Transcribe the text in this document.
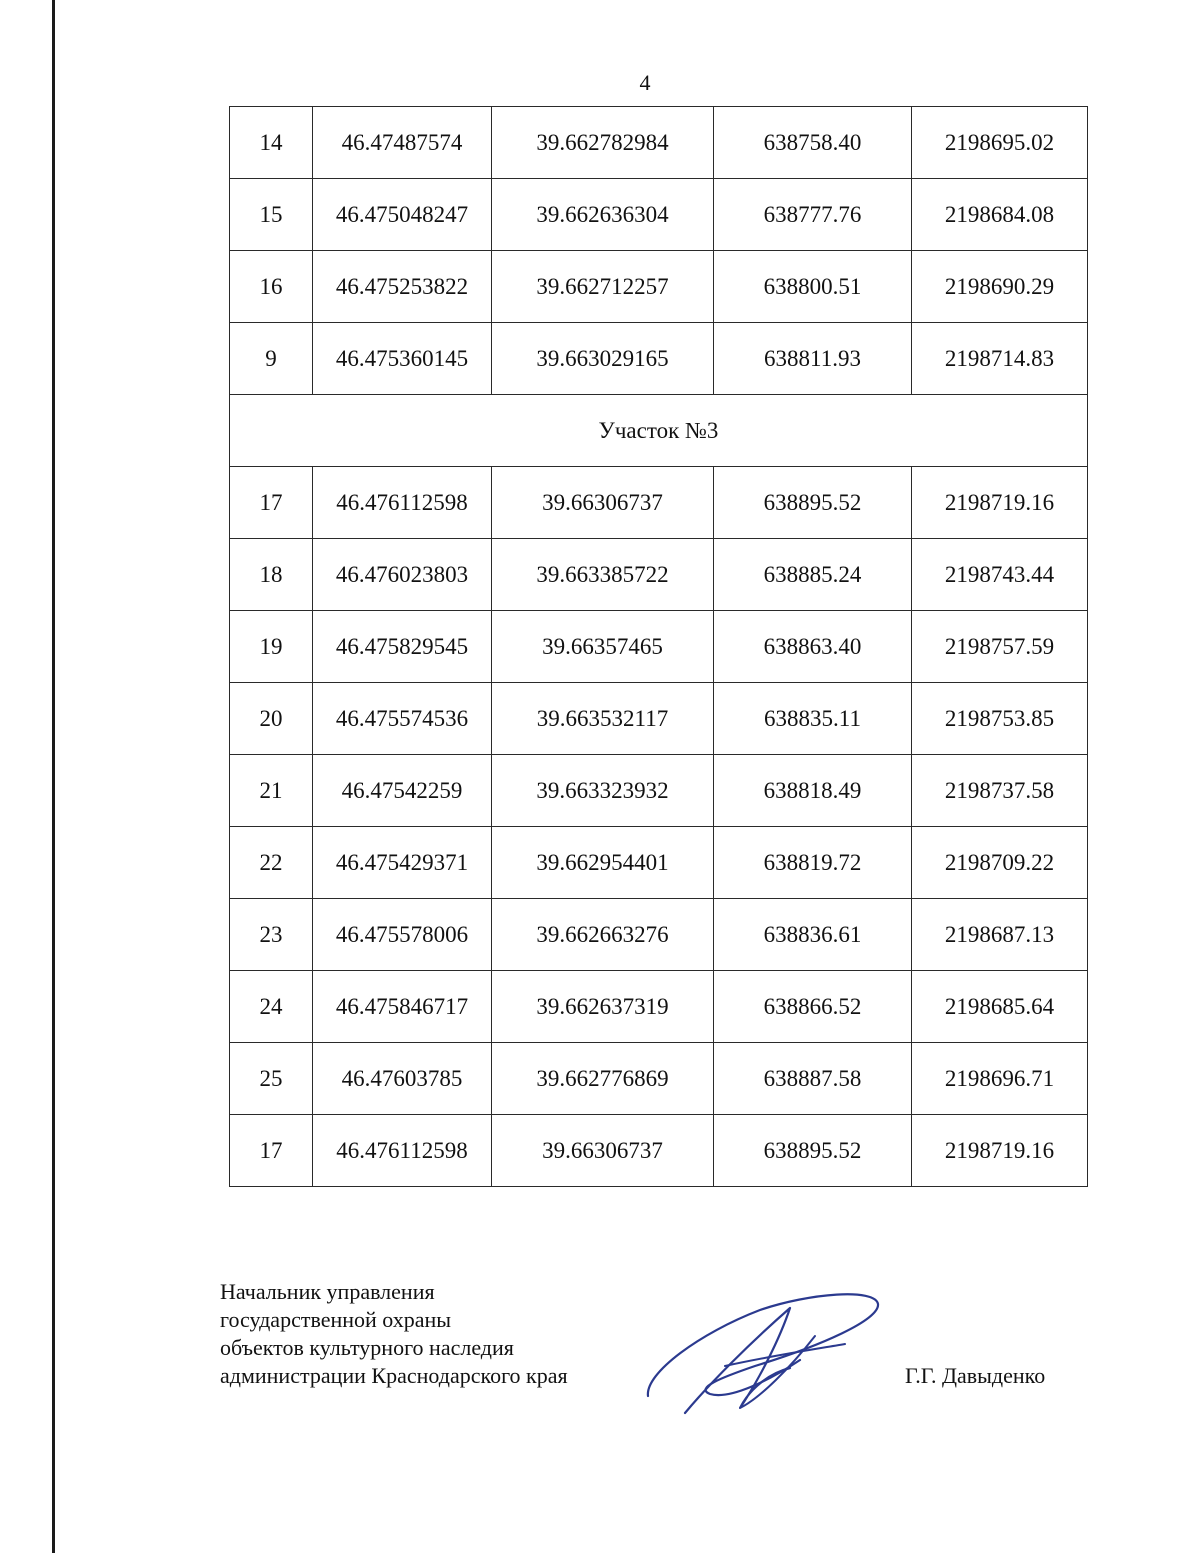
4
14	46.47487574	39.662782984	638758.40	2198695.02
15	46.475048247	39.662636304	638777.76	2198684.08
16	46.475253822	39.662712257	638800.51	2198690.29
9	46.475360145	39.663029165	638811.93	2198714.83
Участок №3				
17	46.476112598	39.66306737	638895.52	2198719.16
18	46.476023803	39.663385722	638885.24	2198743.44
19	46.475829545	39.66357465	638863.40	2198757.59
20	46.475574536	39.663532117	638835.11	2198753.85
21	46.47542259	39.663323932	638818.49	2198737.58
22	46.475429371	39.662954401	638819.72	2198709.22
23	46.475578006	39.662663276	638836.61	2198687.13
24	46.475846717	39.662637319	638866.52	2198685.64
25	46.47603785	39.662776869	638887.58	2198696.71
17	46.476112598	39.66306737	638895.52	2198719.16
Начальник управления
государственной охраны
объектов культурного наследия
администрации Краснодарского края	Г.Г. Давыденко
